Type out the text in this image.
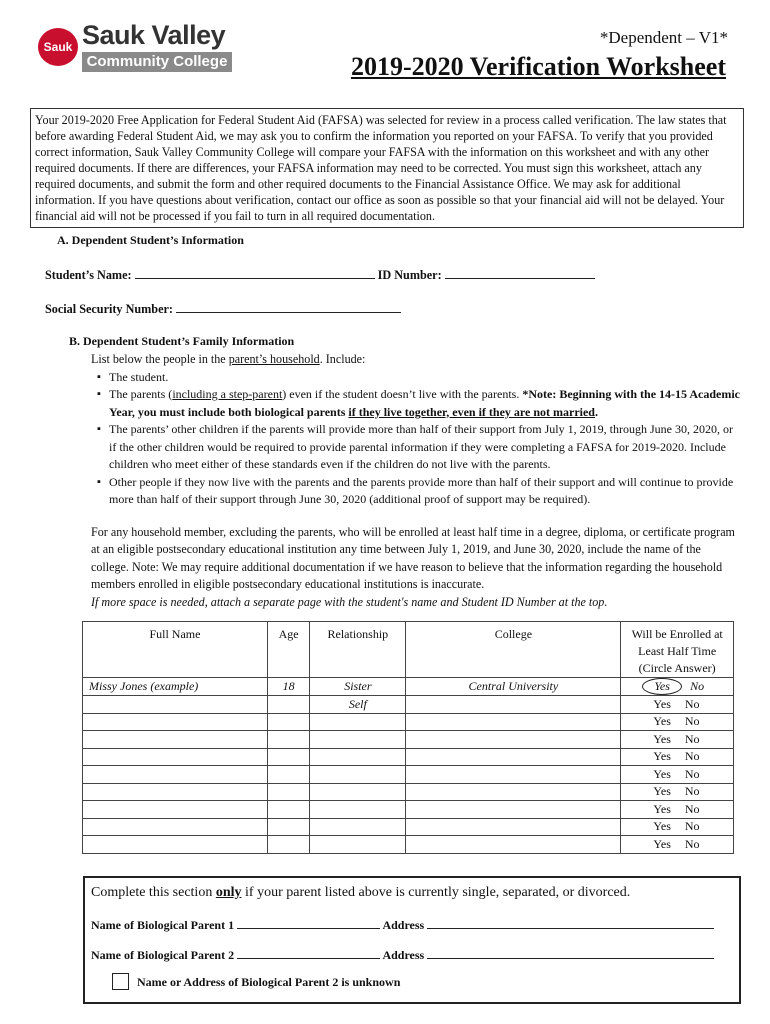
Sauk Sauk Valley
Community College
*Dependent – V1*
2019-2020 Verification Worksheet
Your 2019-2020 Free Application for Federal Student Aid (FAFSA) was selected for review in a process called verification. The law states that before awarding Federal Student Aid, we may ask you to confirm the information you reported on your FAFSA. To verify that you provided correct information, Sauk Valley Community College will compare your FAFSA with the information on this worksheet and with any other required documents. If there are differences, your FAFSA information may need to be corrected. You must sign this worksheet, attach any required documents, and submit the form and other required documents to the Financial Assistance Office. We may ask for additional information. If you have questions about verification, contact our office as soon as possible so that your financial aid will not be delayed. Your financial aid will not be processed if you fail to turn in all required documentation.
A. Dependent Student’s Information
Student’s Name:	ID Number:
Social Security Number:
B. Dependent Student’s Family Information
List below the people in the parent’s household. Include:
▪ The student.
▪ The parents (including a step-parent) even if the student doesn’t live with the parents. *Note: Beginning with the 14-15 Academic Year, you must include both biological parents if they live together, even if they are not married.
▪ The parents’ other children if the parents will provide more than half of their support from July 1, 2019, through June 30, 2020, or if the other children would be required to provide parental information if they were completing a FAFSA for 2019-2020. Include children who meet either of these standards even if the children do not live with the parents.
▪ Other people if they now live with the parents and the parents provide more than half of their support and will continue to provide more than half of their support through June 30, 2020 (additional proof of support may be required).
For any household member, excluding the parents, who will be enrolled at least half time in a degree, diploma, or certificate program at an eligible postsecondary educational institution any time between July 1, 2019, and June 30, 2020, include the name of the college. Note: We may require additional documentation if we have reason to believe that the information regarding the household members enrolled in eligible postsecondary educational institutions is inaccurate.
If more space is needed, attach a separate page with the student's name and Student ID Number at the top.
Full Name	Age	Relationship	College	Will be Enrolled at
Least Half Time
(Circle Answer)

Missy Jones (example)	18	Sister	Central University	Yes No
		Self		Yes No
				Yes No
				Yes No
				Yes No
				Yes No
				Yes No
				Yes No
				Yes No
				Yes No
Complete this section only if your parent listed above is currently single, separated, or divorced.
Name of Biological Parent 1	Address
Name of Biological Parent 2	Address
Name or Address of Biological Parent 2 is unknown
